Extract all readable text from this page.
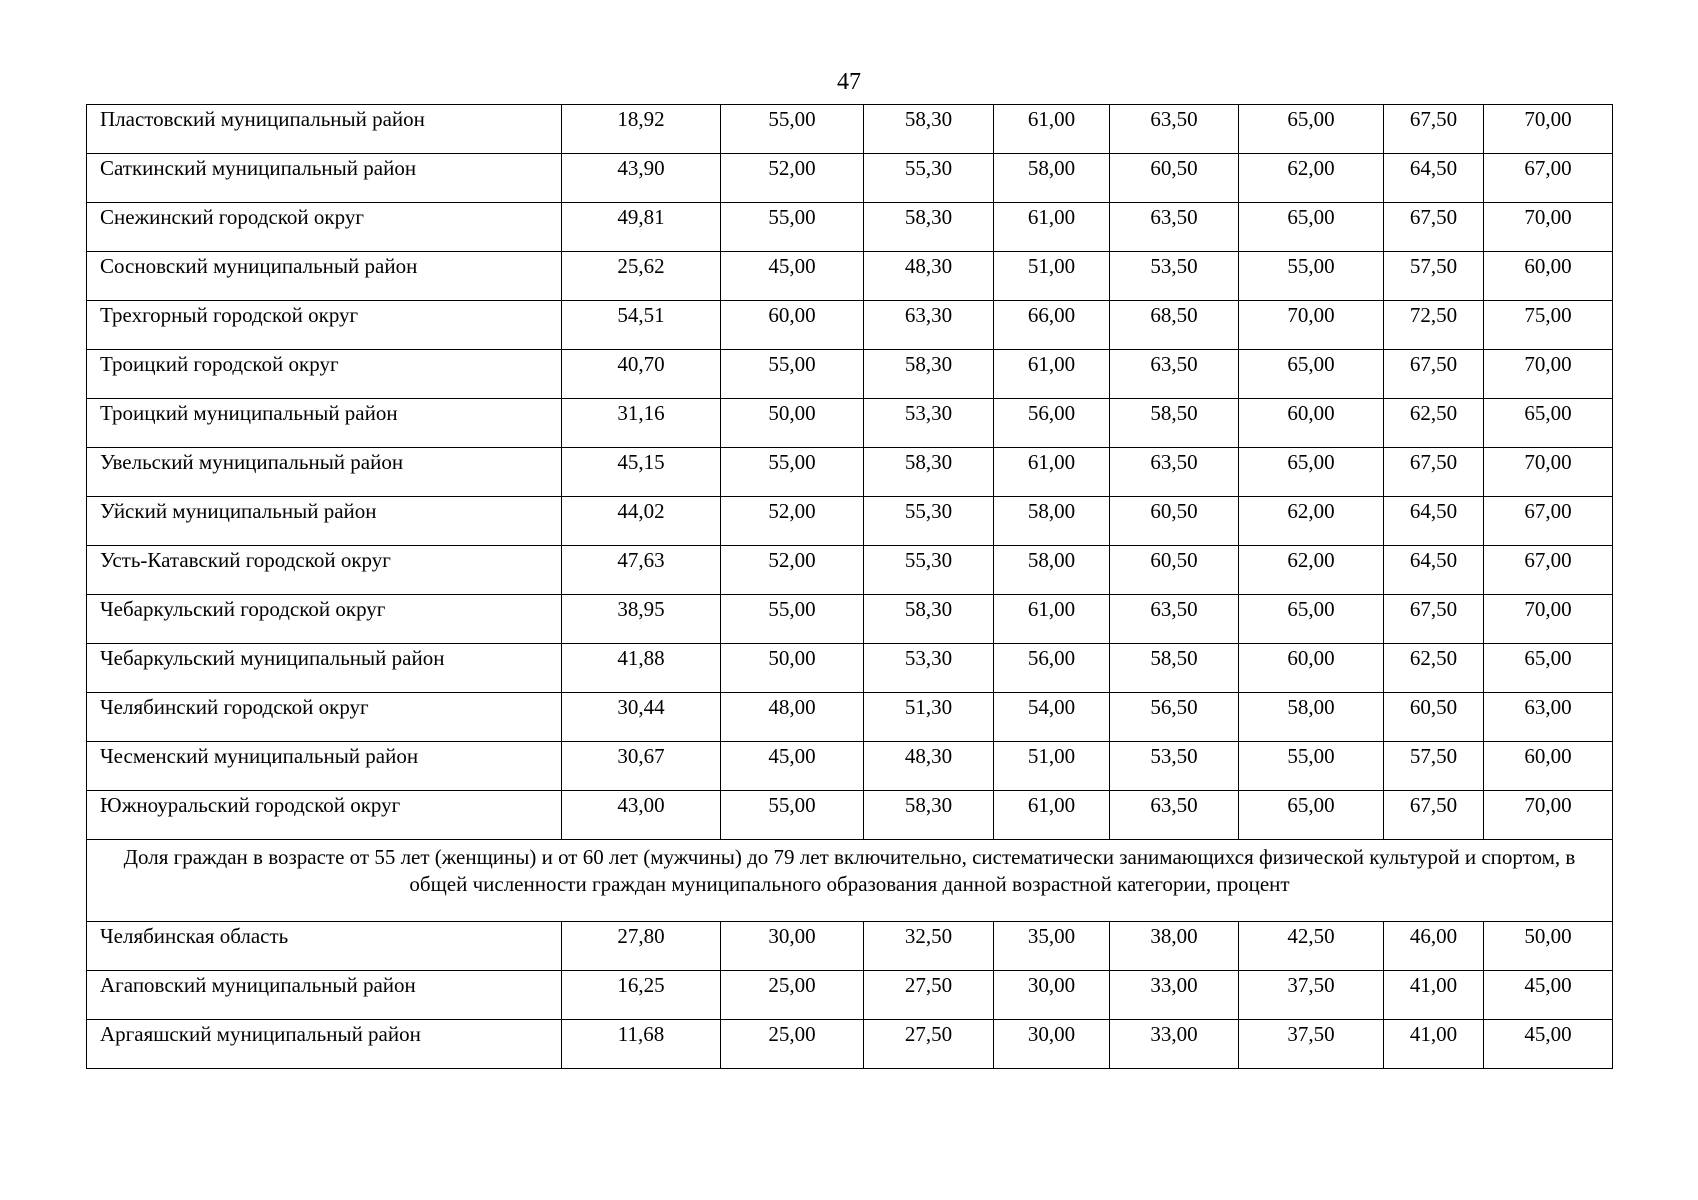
47
Пластовский муниципальный район	18,92	55,00	58,30	61,00	63,50	65,00	67,50	70,00
Саткинский муниципальный район	43,90	52,00	55,30	58,00	60,50	62,00	64,50	67,00
Снежинский городской округ	49,81	55,00	58,30	61,00	63,50	65,00	67,50	70,00
Сосновский муниципальный район	25,62	45,00	48,30	51,00	53,50	55,00	57,50	60,00
Трехгорный городской округ	54,51	60,00	63,30	66,00	68,50	70,00	72,50	75,00
Троицкий городской округ	40,70	55,00	58,30	61,00	63,50	65,00	67,50	70,00
Троицкий муниципальный район	31,16	50,00	53,30	56,00	58,50	60,00	62,50	65,00
Увельский муниципальный район	45,15	55,00	58,30	61,00	63,50	65,00	67,50	70,00
Уйский муниципальный район	44,02	52,00	55,30	58,00	60,50	62,00	64,50	67,00
Усть-Катавский городской округ	47,63	52,00	55,30	58,00	60,50	62,00	64,50	67,00
Чебаркульский городской округ	38,95	55,00	58,30	61,00	63,50	65,00	67,50	70,00
Чебаркульский муниципальный район	41,88	50,00	53,30	56,00	58,50	60,00	62,50	65,00
Челябинский городской округ	30,44	48,00	51,30	54,00	56,50	58,00	60,50	63,00
Чесменский муниципальный район	30,67	45,00	48,30	51,00	53,50	55,00	57,50	60,00
Южноуральский городской округ	43,00	55,00	58,30	61,00	63,50	65,00	67,50	70,00
Доля граждан в возрасте от 55 лет (женщины) и от 60 лет (мужчины) до 79 лет включительно, систематически занимающихся физической культурой и спортом, в общей численности граждан муниципального образования данной возрастной категории, процент								
Челябинская область	27,80	30,00	32,50	35,00	38,00	42,50	46,00	50,00
Агаповский муниципальный район	16,25	25,00	27,50	30,00	33,00	37,50	41,00	45,00
Аргаяшский муниципальный район	11,68	25,00	27,50	30,00	33,00	37,50	41,00	45,00
